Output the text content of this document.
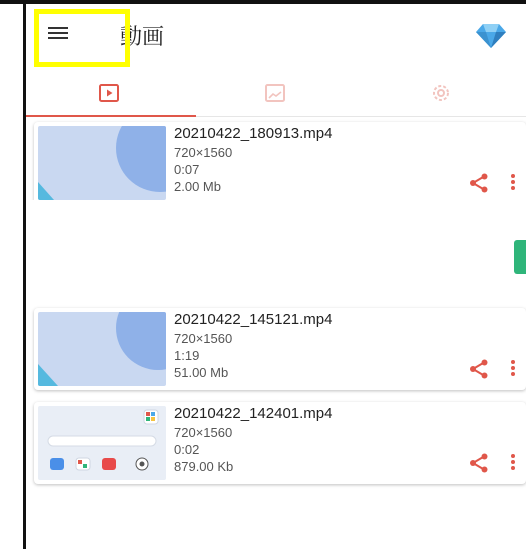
動画
20210422_180913.mp4
720×1560
0:07
2.00 Mb
20210422_145121.mp4
720×1560
1:19
51.00 Mb
20210422_142401.mp4
720×1560
0:02
879.00 Kb
